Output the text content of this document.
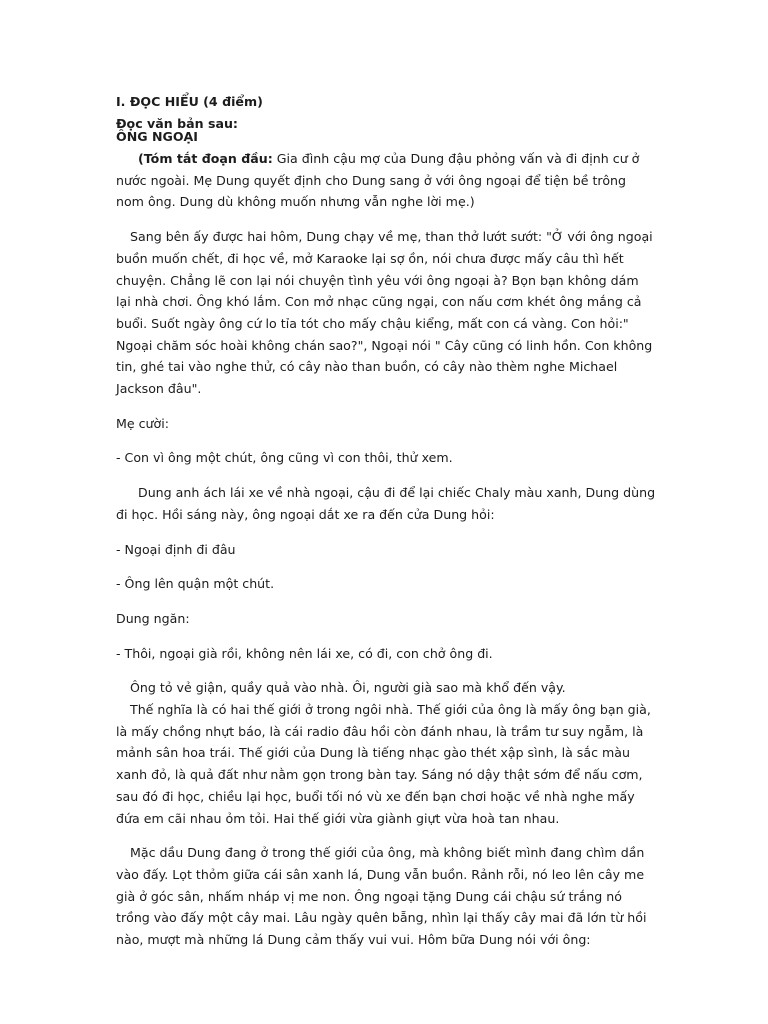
I. ĐỌC HIỂU (4 điểm)

Đọc văn bản sau:

ÔNG NGOẠI

(Tóm tắt đoạn đầu: Gia đình cậu mợ của Dung đậu phỏng vấn và đi định cư ở nước ngoài. Mẹ Dung quyết định cho Dung sang ở với ông ngoại để tiện bề trông nom ông. Dung dù không muốn nhưng vẫn nghe lời mẹ.)

Sang bên ấy được hai hôm, Dung chạy về mẹ, than thở lướt sướt: "Ở với ông ngoại buồn muốn chết, đi học về, mở Karaoke lại sợ ồn, nói chưa được mấy câu thì hết chuyện. Chẳng lẽ con lại nói chuyện tình yêu với ông ngoại à? Bọn bạn không dám lại nhà chơi. Ông khó lắm. Con mở nhạc cũng ngại, con nấu cơm khét ông mắng cả buổi. Suốt ngày ông cứ lo tỉa tót cho mấy chậu kiểng, mất con cá vàng. Con hỏi:" Ngoại chăm sóc hoài không chán sao?", Ngoại nói " Cây cũng có linh hồn. Con không tin, ghé tai vào nghe thử, có cây nào than buồn, có cây nào thèm nghe Michael Jackson đâu".

Mẹ cười:

- Con vì ông một chút, ông cũng vì con thôi, thử xem.

Dung anh ách lái xe về nhà ngoại, cậu đi để lại chiếc Chaly màu xanh, Dung dùng đi học. Hồi sáng này, ông ngoại dắt xe ra đến cửa Dung hỏi:

- Ngoại định đi đâu

- Ông lên quận một chút.

Dung ngăn:

- Thôi, ngoại già rồi, không nên lái xe, có đi, con chở ông đi.

Ông tỏ vẻ giận, quầy quả vào nhà. Ôi, người già sao mà khổ đến vậy.

Thế nghĩa là có hai thế giới ở trong ngôi nhà. Thế giới của ông là mấy ông bạn già, là mấy chồng nhựt báo, là cái radio đâu hồi còn đánh nhau, là trầm tư suy ngẫm, là mảnh sân hoa trái. Thế giới của Dung là tiếng nhạc gào thét xập sình, là sắc màu xanh đỏ, là quả đất như nằm gọn trong bàn tay. Sáng nó dậy thật sớm để nấu cơm, sau đó đi học, chiều lại học, buổi tối nó vù xe đến bạn chơi hoặc về nhà nghe mấy đứa em cãi nhau ỏm tỏi. Hai thế giới vừa giành giựt vừa hoà tan nhau.

Mặc dầu Dung đang ở trong thế giới của ông, mà không biết mình đang chìm dần vào đấy. Lọt thỏm giữa cái sân xanh lá, Dung vẫn buồn. Rảnh rỗi, nó leo lên cây me già ở góc sân, nhấm nháp vị me non. Ông ngoại tặng Dung cái chậu sứ trắng nó trồng vào đấy một cây mai. Lâu ngày quên bẵng, nhìn lại thấy cây mai đã lớn từ hồi nào, mượt mà những lá Dung cảm thấy vui vui. Hôm bữa Dung nói với ông:
